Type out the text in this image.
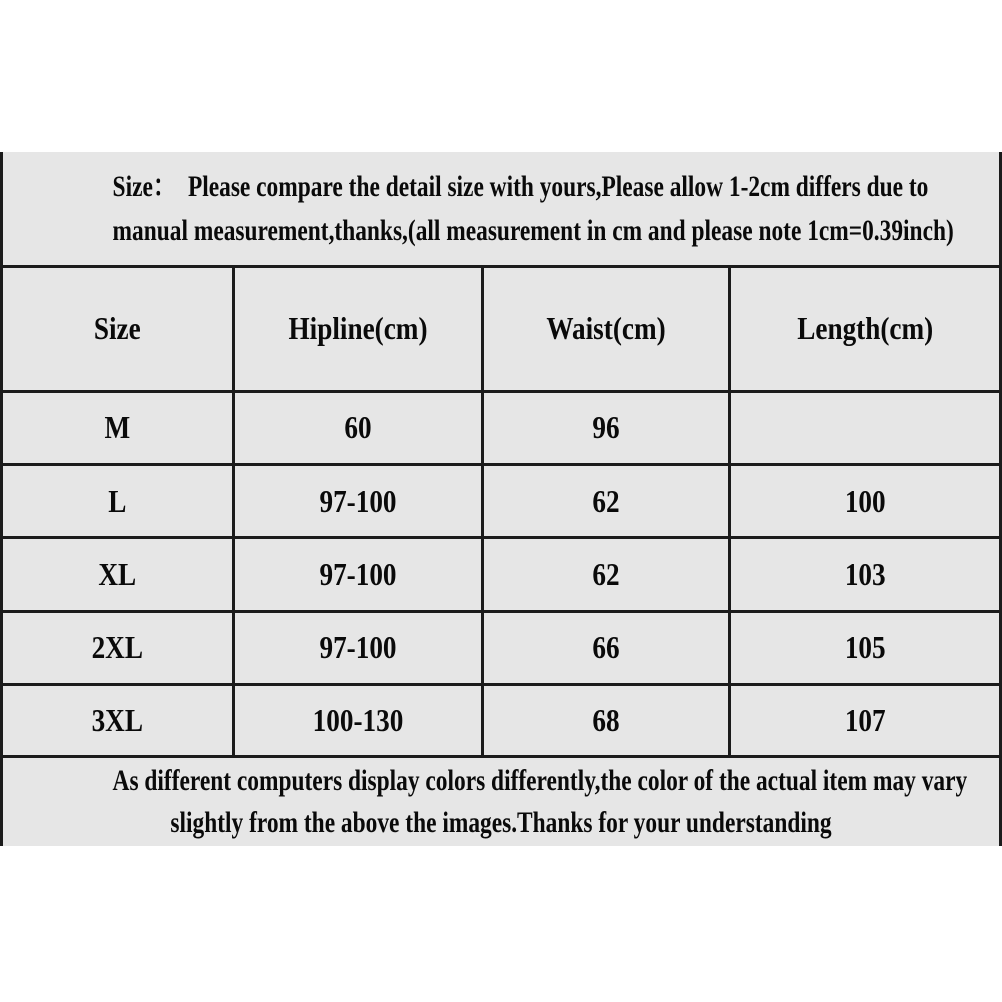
Size：  Please compare the detail size with yours,Please allow 1-2cm differs due to
manual measurement,thanks,(all measurement in cm and please note 1cm=0.39inch)
Size	Hipline(cm)	Waist(cm)	Length(cm)

M	60	96	

L	97-100	62	100

XL	97-100	62	103

2XL	97-100	66	105

3XL	100-130	68	107
As different computers display colors differently,the color of the actual item may vary
slightly from the above the images.Thanks for your understanding
